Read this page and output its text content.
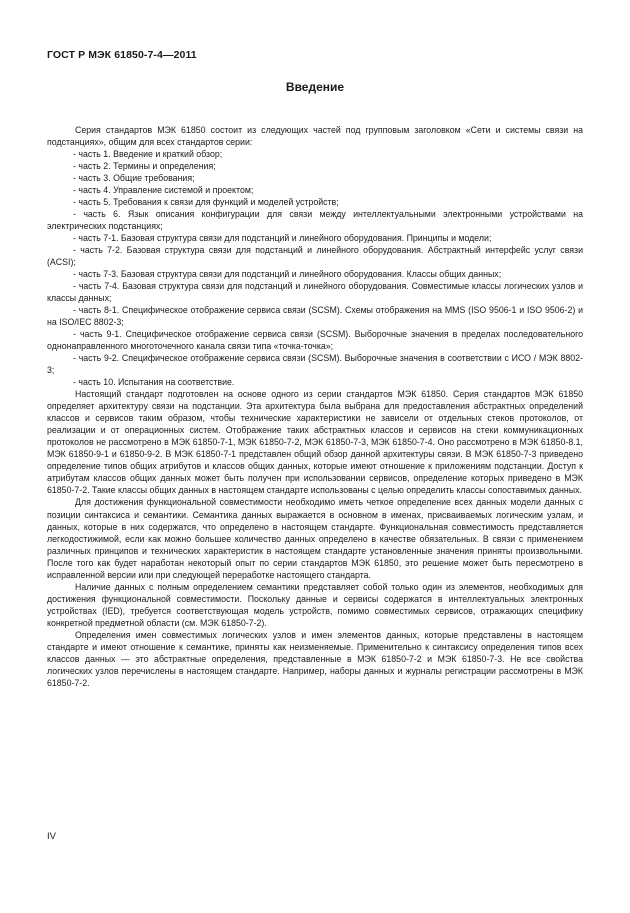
ГОСТ Р МЭК 61850-7-4—2011
Введение

Серия стандартов МЭК 61850 состоит из следующих частей под групповым заголовком «Сети и системы связи на подстанциях», общим для всех стандартов серии:

- часть 1. Введение и краткий обзор;

- часть 2. Термины и определения;

- часть 3. Общие требования;

- часть 4. Управление системой и проектом;

- часть 5. Требования к связи для функций и моделей устройств;

- часть 6. Язык описания конфигурации для связи между интеллектуальными электронными устройствами на электрических подстанциях;

- часть 7-1. Базовая структура связи для подстанций и линейного оборудования. Принципы и модели;

- часть 7-2. Базовая структура связи для подстанций и линейного оборудования. Абстрактный интерфейс услуг связи (ACSI);

- часть 7-3. Базовая структура связи для подстанций и линейного оборудования. Классы общих данных;

- часть 7-4. Базовая структура связи для подстанций и линейного оборудования. Совместимые классы логических узлов и классы данных;

- часть 8-1. Специфическое отображение сервиса связи (SCSM). Схемы отображения на MMS (ISO 9506-1 и ISO 9506-2) и на ISO/IEC 8802-3;

- часть 9-1. Специфическое отображение сервиса связи (SCSM). Выборочные значения в пределах последовательного однонаправленного многоточечного канала связи типа «точка-точка»;

- часть 9-2. Специфическое отображение сервиса связи (SCSM). Выборочные значения в соответствии с ИСО / МЭК 8802-3;

- часть 10. Испытания на соответствие.

Настоящий стандарт подготовлен на основе одного из серии стандартов МЭК 61850. Серия стандартов МЭК 61850 определяет архитектуру связи на подстанции. Эта архитектура была выбрана для предоставления абстрактных определений классов и сервисов таким образом, чтобы технические характеристики не зависели от отдельных стеков протоколов, от реализации и от операционных систем. Отображение таких абстрактных классов и сервисов на стеки коммуникационных протоколов не рассмотрено в МЭК 61850-7-1, МЭК 61850-7-2, МЭК 61850-7-3, МЭК 61850-7-4. Оно рассмотрено в МЭК 61850-8.1, МЭК 61850-9-1 и 61850-9-2. В МЭК 61850-7-1 представлен общий обзор данной архитектуры связи. В МЭК 61850-7-3 приведено определение типов общих атрибутов и классов общих данных, которые имеют отношение к приложениям подстанции. Доступ к атрибутам классов общих данных может быть получен при использовании сервисов, определение которых приведено в МЭК 61850-7-2. Такие классы общих данных в настоящем стандарте использованы с целью определить классы сопоставимых данных.

Для достижения функциональной совместимости необходимо иметь четкое определение всех данных модели данных с позиции синтаксиса и семантики. Семантика данных выражается в основном в именах, присваиваемых логическим узлам, и данных, которые в них содержатся, что определено в настоящем стандарте. Функциональная совместимость представляется легкодостижимой, если как можно большее количество данных определено в качестве обязательных. В связи с применением различных принципов и технических характеристик в настоящем стандарте установленные значения приняты произвольными. После того как будет наработан некоторый опыт по серии стандартов МЭК 61850, это решение может быть пересмотрено в исправленной версии или при следующей переработке настоящего стандарта.

Наличие данных с полным определением семантики представляет собой только один из элементов, необходимых для достижения функциональной совместимости. Поскольку данные и сервисы содержатся в интеллектуальных электронных устройствах (IED), требуется соответствующая модель устройств, помимо совместимых сервисов, отражающих специфику конкретной предметной области (см. МЭК 61850-7-2).

Определения имен совместимых логических узлов и имен элементов данных, которые представлены в настоящем стандарте и имеют отношение к семантике, приняты как неизменяемые. Применительно к синтаксису определения типов всех классов данных — это абстрактные определения, представленные в МЭК 61850-7-2 и МЭК 61850-7-3. Не все свойства логических узлов перечислены в настоящем стандарте. Например, наборы данных и журналы регистрации рассмотрены в МЭК 61850-7-2.

IV
